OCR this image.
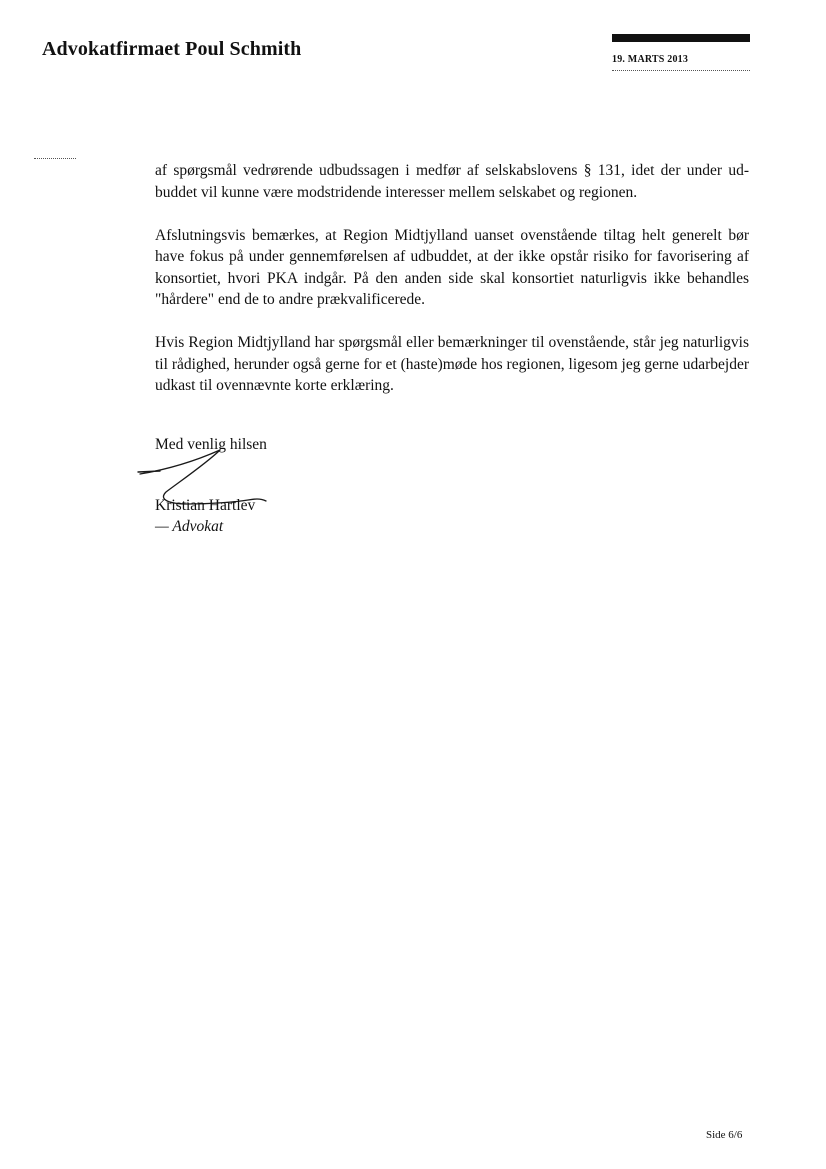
Advokatfirmaet Poul Schmith	19. MARTS 2013

af spørgsmål vedrørende udbudssagen i medfør af selskabslovens § 131, idet der under udbuddet vil kunne være modstridende interesser mellem selskabet og regionen.

Afslutningsvis bemærkes, at Region Midtjylland uanset ovenstående tiltag helt generelt bør have fokus på under gennemførelsen af udbuddet, at der ikke opstår risiko for favorisering af konsortiet, hvori PKA indgår. På den anden side skal konsortiet naturligvis ikke behandles "hårdere" end de to andre prækvalificerede.

Hvis Region Midtjylland har spørgsmål eller bemærkninger til ovenstående, står jeg naturligvis til rådighed, herunder også gerne for et (haste)møde hos regionen, ligesom jeg gerne udarbejder udkast til ovennævnte korte erklæring.

Med venlig hilsen
Kristian Hartlev
— Advokat
Side 6/6
